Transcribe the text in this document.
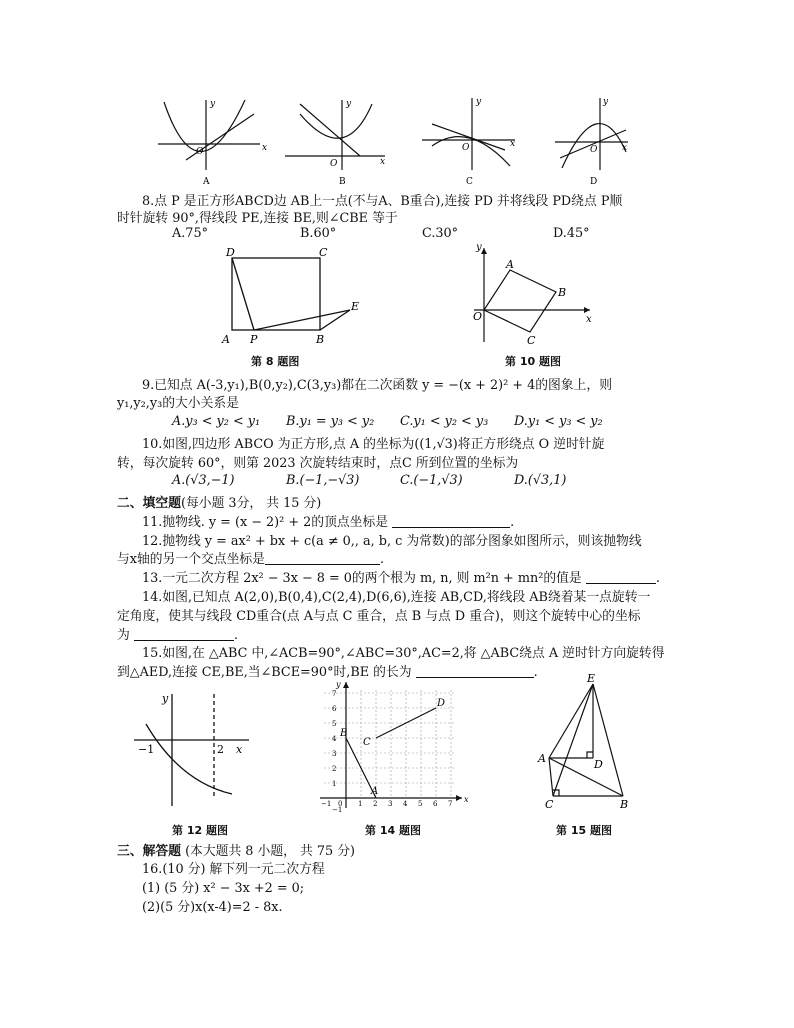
y
x
O
A
y
x
O
B
y
x
O
C
y
x
O
D
8.点 P 是正方形ABCD边 AB上一点(不与A、B重合),连接 PD 并将线段 PD绕点 P顺
时针旋转 90°,得线段 PE,连接 BE,则∠CBE 等于
A.75°	B.60°	C.30°	D.45°
D	C
A P	B
E
第 8 题图
y
x
A
B
C
O
第 10 题图
9.已知点 A(-3,y₁),B(0,y₂),C(3,y₃)都在二次函数 y = −(x + 2)² + 4的图象上，则
y₁,y₂,y₃的大小关系是
A.y₃ < y₂ < y₁ B.y₁ = y₃ < y₂ C.y₁ < y₂ < y₃ D.y₁ < y₃ < y₂
10.如图,四边形 ABCO 为正方形,点 A 的坐标为((1,√3)将正方形绕点 O 逆时针旋
转，每次旋转 60°，则第 2023 次旋转结束时，点C 所到位置的坐标为
A.(√3,−1)	B.(−1,−√3)	C.(−1,√3)	D.(√3,1)
二、填空题(每小题 3分， 共 15 分)
11.抛物线. y = (x − 2)² + 2的顶点坐标是	.
12.抛物线 y = ax² + bx + c(a ≠ 0,, a, b, c 为常数)的部分图象如图所示，则该抛物线
与x轴的另一个交点坐标是	.
13.一元二次方程 2x² − 3x − 8 = 0的两个根为 m, n, 则 m²n + mn²的值是	.
14.如图,已知点 A(2,0),B(0,4),C(2,4),D(6,6),连接 AB,CD,将线段 AB绕着某一点旋转一
定角度，使其与线段 CD重合(点 A与点 C 重合，点 B 与点 D 重合)，则这个旋转中心的坐标
为	.
15.如图,在 △ABC 中,∠ACB=90°,∠ABC=30°,AC=2,将 △ABC绕点 A 逆时针方向旋转得
到△AED,连接 CE,BE,当∠BCE=90°时,BE 的长为	.
y
−1	2 x
第 12 题图
y
x
D
B
C
A
7
6
5
4
3
2
1
−1
−1 0 1 2 3 4 5 6 7
第 14 题图
E
A	D
C	B
第 15 题图
三、解答题 (本大题共 8 小题， 共 75 分)
16.(10 分) 解下列一元二次方程
(1) (5 分) x² − 3x +2 = 0;
(2)(5 分)x(x-4)=2 - 8x.
